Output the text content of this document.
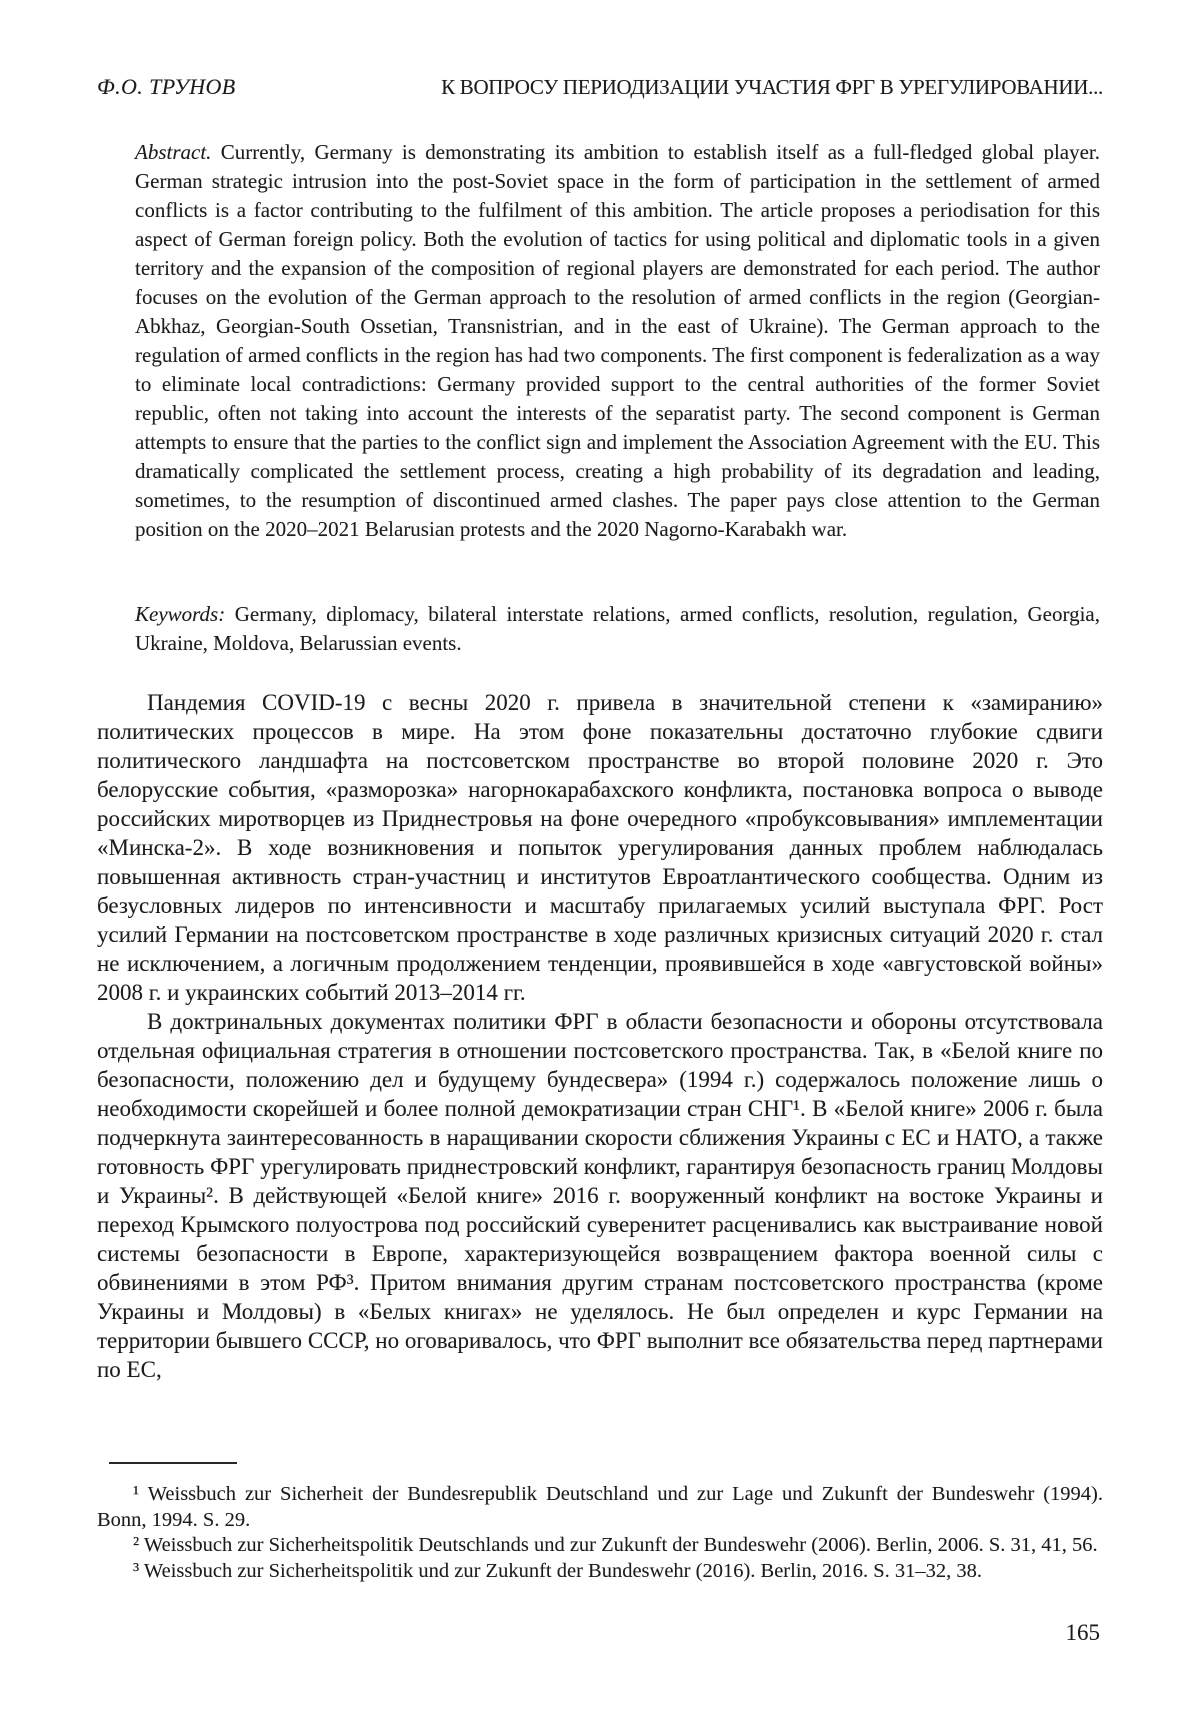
Ф.О. ТРУНОВ	К ВОПРОСУ ПЕРИОДИЗАЦИИ УЧАСТИЯ ФРГ В УРЕГУЛИРОВАНИИ...

Abstract. Currently, Germany is demonstrating its ambition to establish itself as a full-fledged global player. German strategic intrusion into the post-Soviet space in the form of participation in the settlement of armed conflicts is a factor contributing to the fulfilment of this ambition. The article proposes a periodisation for this aspect of German foreign policy. Both the evolution of tactics for using political and diplomatic tools in a given territory and the expansion of the composition of regional players are demonstrated for each period. The author focuses on the evolution of the German approach to the resolution of armed conflicts in the region (Georgian-Abkhaz, Georgian-South Ossetian, Transnistrian, and in the east of Ukraine). The German approach to the regulation of armed conflicts in the region has had two components. The first component is federalization as a way to eliminate local contradictions: Germany provided support to the central authorities of the former Soviet republic, often not taking into account the interests of the separatist party. The second component is German attempts to ensure that the parties to the conflict sign and implement the Association Agreement with the EU. This dramatically complicated the settlement process, creating a high probability of its degradation and leading, sometimes, to the resumption of discontinued armed clashes. The paper pays close attention to the German position on the 2020–2021 Belarusian protests and the 2020 Nagorno-Karabakh war.

Keywords: Germany, diplomacy, bilateral interstate relations, armed conflicts, resolution, regulation, Georgia, Ukraine, Moldova, Belarussian events.

Пандемия COVID-19 с весны 2020 г. привела в значительной степени к «замиранию» политических процессов в мире. На этом фоне показательны достаточно глубокие сдвиги политического ландшафта на постсоветском пространстве во второй половине 2020 г. Это белорусские события, «разморозка» нагорнокарабахского конфликта, постановка вопроса о выводе российских миротворцев из Приднестровья на фоне очередного «пробуксовывания» имплементации «Минска-2». В ходе возникновения и попыток урегулирования данных проблем наблюдалась повышенная активность стран-участниц и институтов Евроатлантического сообщества. Одним из безусловных лидеров по интенсивности и масштабу прилагаемых усилий выступала ФРГ. Рост усилий Германии на постсоветском пространстве в ходе различных кризисных ситуаций 2020 г. стал не исключением, а логичным продолжением тенденции, проявившейся в ходе «августовской войны» 2008 г. и украинских событий 2013–2014 гг.

В доктринальных документах политики ФРГ в области безопасности и обороны отсутствовала отдельная официальная стратегия в отношении постсоветского пространства. Так, в «Белой книге по безопасности, положению дел и будущему бундесвера» (1994 г.) содержалось положение лишь о необходимости скорейшей и более полной демократизации стран СНГ¹. В «Белой книге» 2006 г. была подчеркнута заинтересованность в наращивании скорости сближения Украины с ЕС и НАТО, а также готовность ФРГ урегулировать приднестровский конфликт, гарантируя безопасность границ Молдовы и Украины². В действующей «Белой книге» 2016 г. вооруженный конфликт на востоке Украины и переход Крымского полуострова под российский суверенитет расценивались как выстраивание новой системы безопасности в Европе, характеризующейся возвращением фактора военной силы с обвинениями в этом РФ³. Притом внимания другим странам постсоветского пространства (кроме Украины и Молдовы) в «Белых книгах» не уделялось. Не был определен и курс Германии на территории бывшего СССР, но оговаривалось, что ФРГ выполнит все обязательства перед партнерами по ЕС,

¹ Weissbuch zur Sicherheit der Bundesrepublik Deutschland und zur Lage und Zukunft der Bundeswehr (1994). Bonn, 1994. S. 29.

² Weissbuch zur Sicherheitspolitik Deutschlands und zur Zukunft der Bundeswehr (2006). Berlin, 2006. S. 31, 41, 56.

³ Weissbuch zur Sicherheitspolitik und zur Zukunft der Bundeswehr (2016). Berlin, 2016. S. 31–32, 38.

165
